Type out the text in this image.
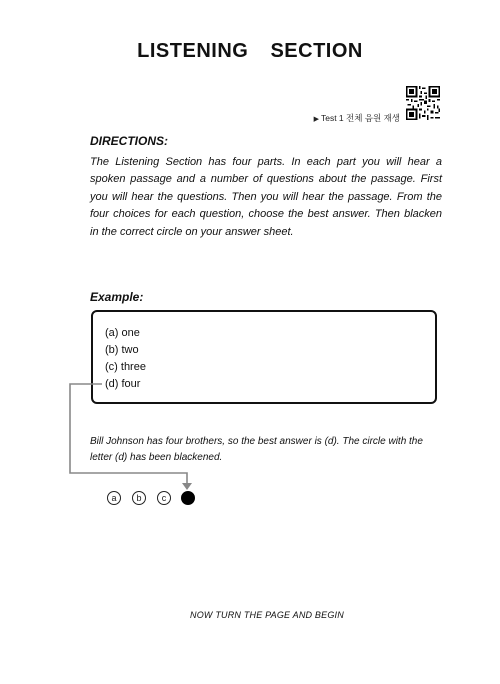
LISTENING  SECTION
▶ Test 1 전체 음원 재생
DIRECTIONS:
The Listening Section has four parts. In each part you will hear a spoken passage and a number of questions about the passage. First you will hear the questions. Then you will hear the passage. From the four choices for each question, choose the best answer. Then blacken in the correct circle on your answer sheet.
Example:
(a) one
(b) two
(c) three
(d) four
Bill Johnson has four brothers, so the best answer is (d). The circle with the letter (d) has been blackened.
a	b	c
NOW TURN THE PAGE AND BEGIN
